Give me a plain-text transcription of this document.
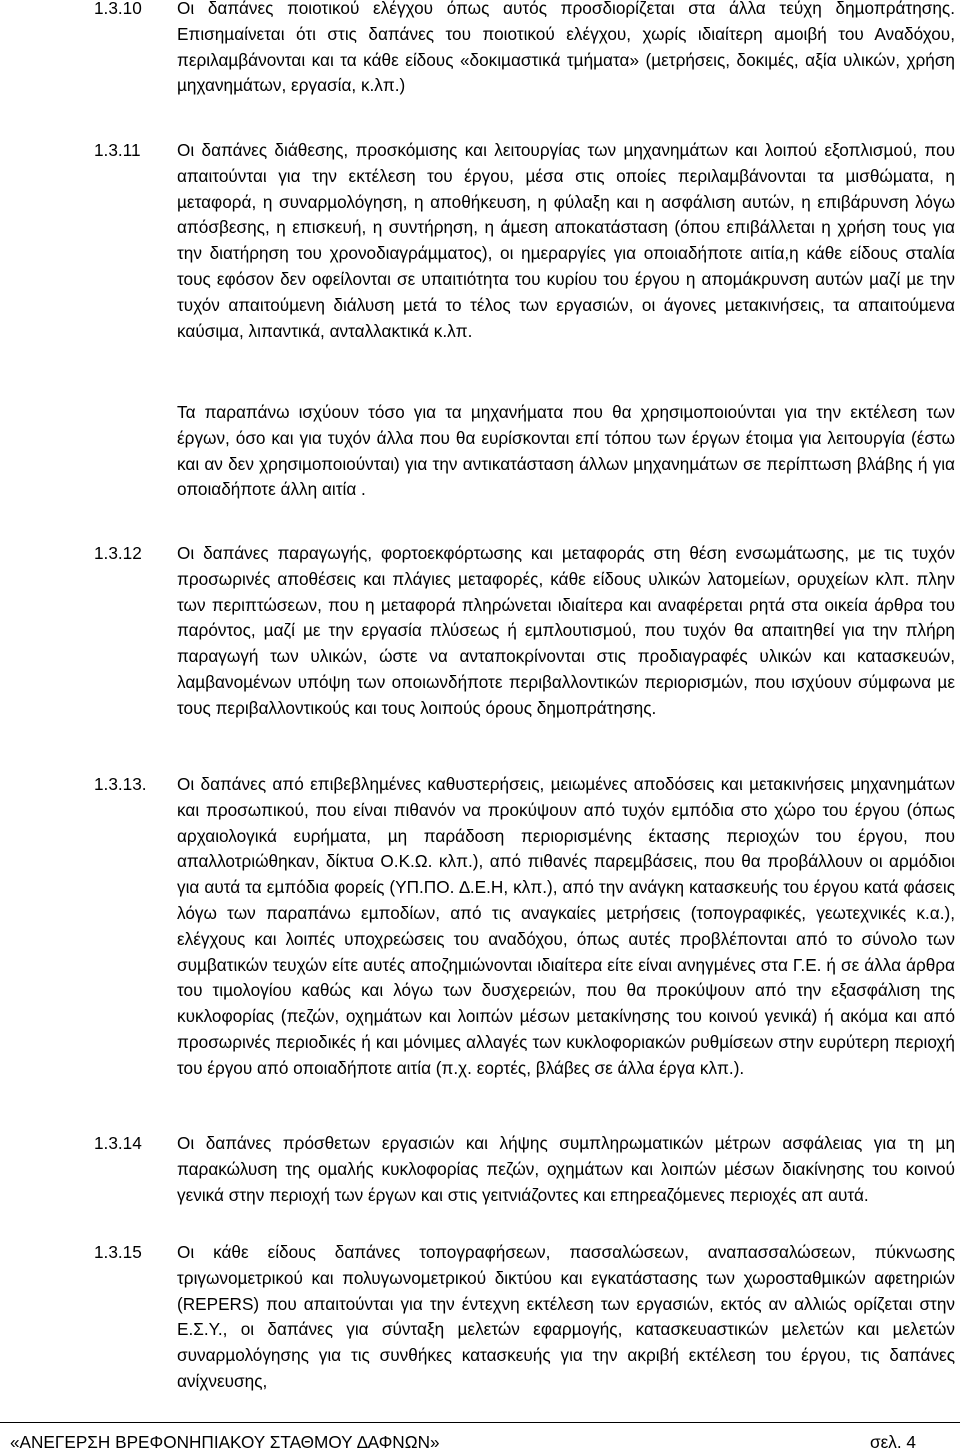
1.3.10 Οι δαπάνες ποιοτικού ελέγχου όπως αυτός προσδιορίζεται στα άλλα τεύχη δηµοπράτησης. Επισηµαίνεται ότι στις δαπάνες του ποιοτικού ελέγχου, χωρίς ιδιαίτερη αµοιβή του Αναδόχου, περιλαµβάνονται και τα κάθε είδους «δοκιµαστικά τµήµατα» (µετρήσεις, δοκιµές, αξία υλικών, χρήση µηχανηµάτων, εργασία, κ.λπ.)

1.3.11 Οι δαπάνες διάθεσης, προσκόµισης και λειτουργίας των µηχανηµάτων και λοιπού εξοπλισµού, που απαιτούνται για την εκτέλεση του έργου, µέσα στις οποίες περιλαµβάνονται τα µισθώµατα, η µεταφορά, η συναρµολόγηση, η αποθήκευση, η φύλαξη και η ασφάλιση αυτών, η επιβάρυνση λόγω απόσβεσης, η επισκευή, η συντήρηση, η άµεση αποκατάσταση (όπου επιβάλλεται η χρήση τους για την διατήρηση του χρονοδιαγράµµατος), οι ηµεραργίες για οποιαδήποτε αιτία,η κάθε είδους σταλία τους εφόσον δεν οφείλονται σε υπαιτιότητα του κυρίου του έργου η αποµάκρυνση αυτών µαζί µε την τυχόν απαιτούµενη διάλυση µετά το τέλος των εργασιών, οι άγονες µετακινήσεις, τα απαιτούµενα καύσιµα, λιπαντικά, ανταλλακτικά κ.λπ.

Τα παραπάνω ισχύουν τόσο για τα µηχανήµατα που θα χρησιµοποιούνται για την εκτέλεση των έργων, όσο και για τυχόν άλλα που θα ευρίσκονται επί τόπου των έργων έτοιµα για λειτουργία (έστω και αν δεν χρησιµοποιούνται) για την αντικατάσταση άλλων µηχανηµάτων σε περίπτωση βλάβης ή για οποιαδήποτε άλλη αιτία .

1.3.12 Οι δαπάνες παραγωγής, φορτοεκφόρτωσης και µεταφοράς στη θέση ενσωµάτωσης, µε τις τυχόν προσωρινές αποθέσεις και πλάγιες µεταφορές, κάθε είδους υλικών λατοµείων, ορυχείων κλπ. πλην των περιπτώσεων, που η µεταφορά πληρώνεται ιδιαίτερα και αναφέρεται ρητά στα οικεία άρθρα του παρόντος, µαζί µε την εργασία πλύσεως ή εµπλουτισµού, που τυχόν θα απαιτηθεί για την πλήρη παραγωγή των υλικών, ώστε να ανταποκρίνονται στις προδιαγραφές υλικών και κατασκευών, λαµβανοµένων υπόψη των οποιωνδήποτε περιβαλλοντικών περιορισµών, που ισχύουν σύµφωνα µε τους περιβαλλοντικούς και τους λοιπούς όρους δηµοπράτησης.

1.3.13. Οι δαπάνες από επιβεβληµένες καθυστερήσεις, µειωµένες αποδόσεις και µετακινήσεις µηχανηµάτων και προσωπικού, που είναι πιθανόν να προκύψουν από τυχόν εµπόδια στο χώρο του έργου (όπως αρχαιολογικά ευρήµατα, µη παράδοση περιορισµένης έκτασης περιοχών του έργου, που απαλλοτριώθηκαν, δίκτυα Ο.Κ.Ω. κλπ.), από πιθανές παρεµβάσεις, που θα προβάλλουν οι αρµόδιοι για αυτά τα εµπόδια φορείς (ΥΠ.ΠΟ. ∆.Ε.Η, κλπ.), από την ανάγκη κατασκευής του έργου κατά φάσεις λόγω των παραπάνω εµποδίων, από τις αναγκαίες µετρήσεις (τοπογραφικές, γεωτεχνικές κ.α.), ελέγχους και λοιπές υποχρεώσεις του αναδόχου, όπως αυτές προβλέπονται από το σύνολο των συµβατικών τευχών είτε αυτές αποζηµιώνονται ιδιαίτερα είτε είναι ανηγµένες στα Γ.Ε. ή σε άλλα άρθρα του τιµολογίου καθώς και λόγω των δυσχερειών, που θα προκύψουν από την εξασφάλιση της κυκλοφορίας (πεζών, οχηµάτων και λοιπών µέσων µετακίνησης του κοινού γενικά) ή ακόµα και από προσωρινές περιοδικές ή και µόνιµες αλλαγές των κυκλοφοριακών ρυθµίσεων στην ευρύτερη περιοχή του έργου από οποιαδήποτε αιτία (π.χ. εορτές, βλάβες σε άλλα έργα κλπ.).

1.3.14 Οι δαπάνες πρόσθετων εργασιών και λήψης συµπληρωµατικών µέτρων ασφάλειας για τη µη παρακώλυση της οµαλής κυκλοφορίας πεζών, οχηµάτων και λοιπών µέσων διακίνησης του κοινού γενικά στην περιοχή των έργων και στις γειτνιάζοντες και επηρεαζόµενες περιοχές απ αυτά.

1.3.15 Οι κάθε είδους δαπάνες τοπογραφήσεων, πασσαλώσεων, αναπασσαλώσεων, πύκνωσης τριγωνοµετρικού και πολυγωνοµετρικού δικτύου και εγκατάστασης των χωροσταθµικών αφετηριών (REPERS) που απαιτούνται για την έντεχνη εκτέλεση των εργασιών, εκτός αν αλλιώς ορίζεται στην Ε.Σ.Υ., οι δαπάνες για σύνταξη µελετών εφαρµογής, κατασκευαστικών µελετών και µελετών συναρµολόγησης για τις συνθήκες κατασκευής για την ακριβή εκτέλεση του έργου, τις δαπάνες ανίχνευσης,

«ΑΝΕΓΕΡΣΗ ΒΡΕΦΟΝΗΠΙΑΚΟΥ ΣΤΑΘΜΟΥ ∆ΑΦΝΩΝ»	σελ. 4
